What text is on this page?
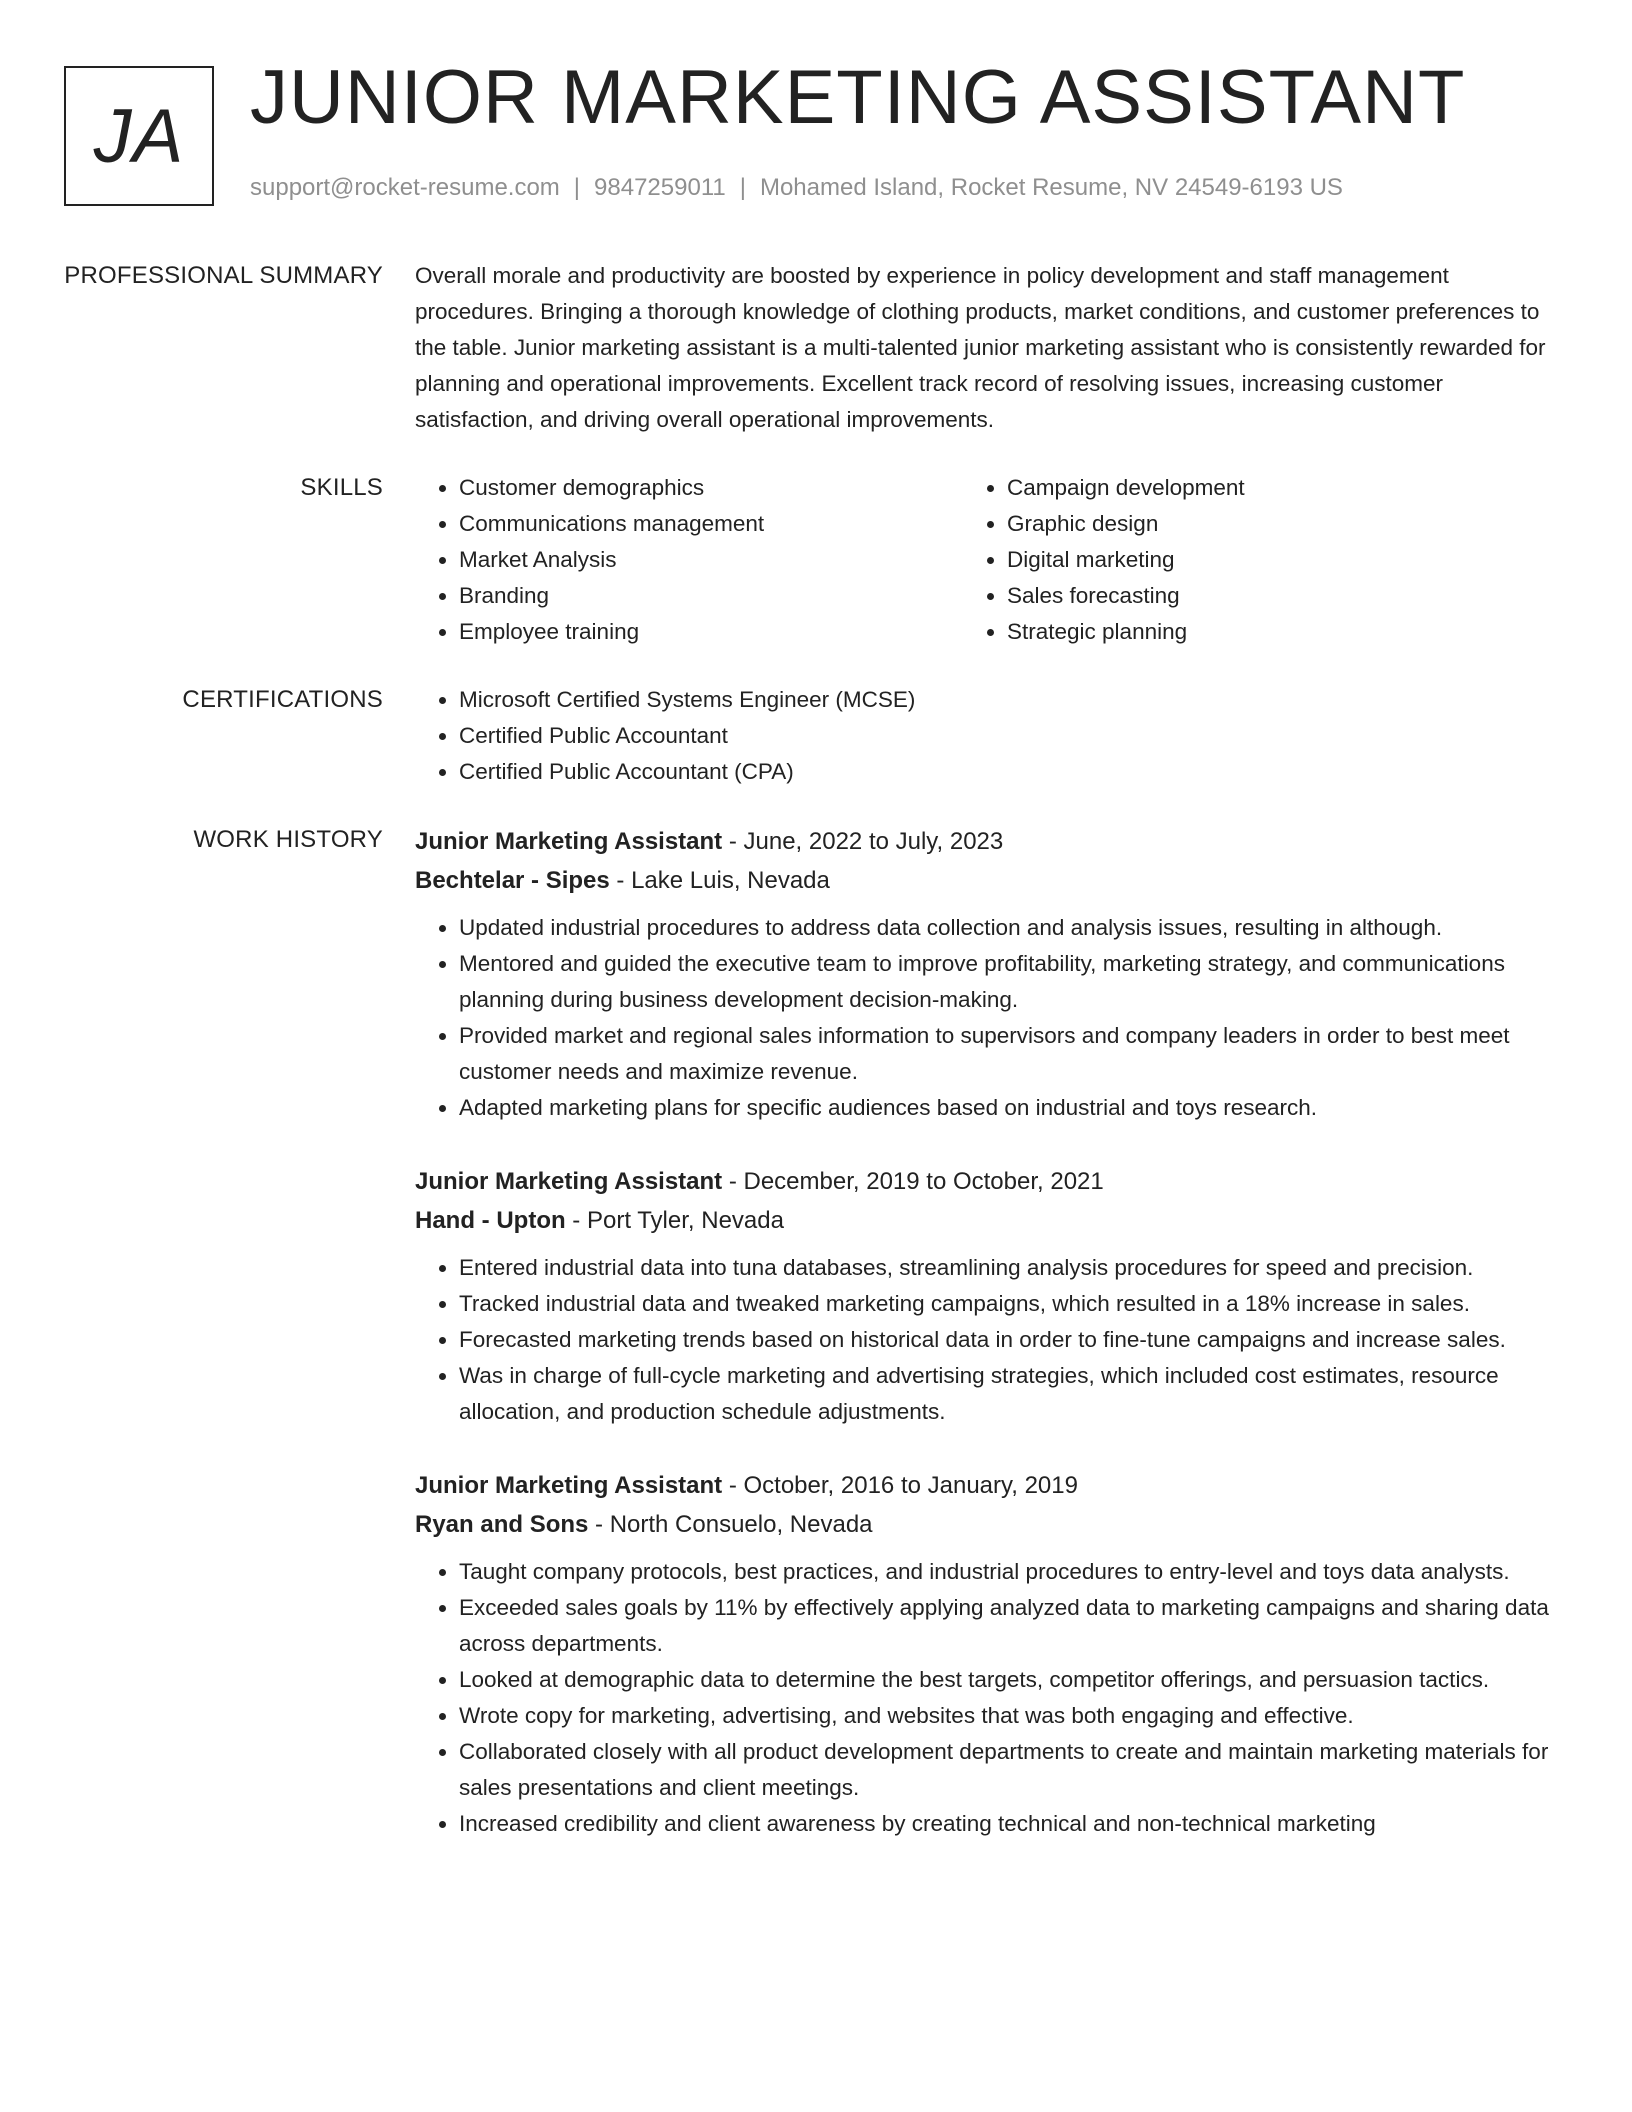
JA JUNIOR MARKETING ASSISTANT
support@rocket-resume.com | 9847259011 | Mohamed Island, Rocket Resume, NV 24549-6193 US
PROFESSIONAL SUMMARY	Overall morale and productivity are boosted by experience in policy development and staff management procedures. Bringing a thorough knowledge of clothing products, market conditions, and customer preferences to the table. Junior marketing assistant is a multi-talented junior marketing assistant who is consistently rewarded for planning and operational improvements. Excellent track record of resolving issues, increasing customer satisfaction, and driving overall operational improvements.

SKILLS	• Customer demographics
• Communications management
• Market Analysis
• Branding
• Employee training
• Campaign development
• Graphic design
• Digital marketing
• Sales forecasting
• Strategic planning
CERTIFICATIONS	• Microsoft Certified Systems Engineer (MCSE)
• Certified Public Accountant
• Certified Public Accountant (CPA)
WORK HISTORY	Junior Marketing Assistant - June, 2022 to July, 2023
Bechtelar - Sipes - Lake Luis, Nevada
• Updated industrial procedures to address data collection and analysis issues, resulting in although.
• Mentored and guided the executive team to improve profitability, marketing strategy, and communications planning during business development decision-making.
• Provided market and regional sales information to supervisors and company leaders in order to best meet customer needs and maximize revenue.
• Adapted marketing plans for specific audiences based on industrial and toys research.
Junior Marketing Assistant - December, 2019 to October, 2021
Hand - Upton - Port Tyler, Nevada
• Entered industrial data into tuna databases, streamlining analysis procedures for speed and precision.
• Tracked industrial data and tweaked marketing campaigns, which resulted in a 18% increase in sales.
• Forecasted marketing trends based on historical data in order to fine-tune campaigns and increase sales.
• Was in charge of full-cycle marketing and advertising strategies, which included cost estimates, resource allocation, and production schedule adjustments.
Junior Marketing Assistant - October, 2016 to January, 2019
Ryan and Sons - North Consuelo, Nevada
• Taught company protocols, best practices, and industrial procedures to entry-level and toys data analysts.
• Exceeded sales goals by 11% by effectively applying analyzed data to marketing campaigns and sharing data across departments.
• Looked at demographic data to determine the best targets, competitor offerings, and persuasion tactics.
• Wrote copy for marketing, advertising, and websites that was both engaging and effective.
• Collaborated closely with all product development departments to create and maintain marketing materials for sales presentations and client meetings.
• Increased credibility and client awareness by creating technical and non-technical marketing
